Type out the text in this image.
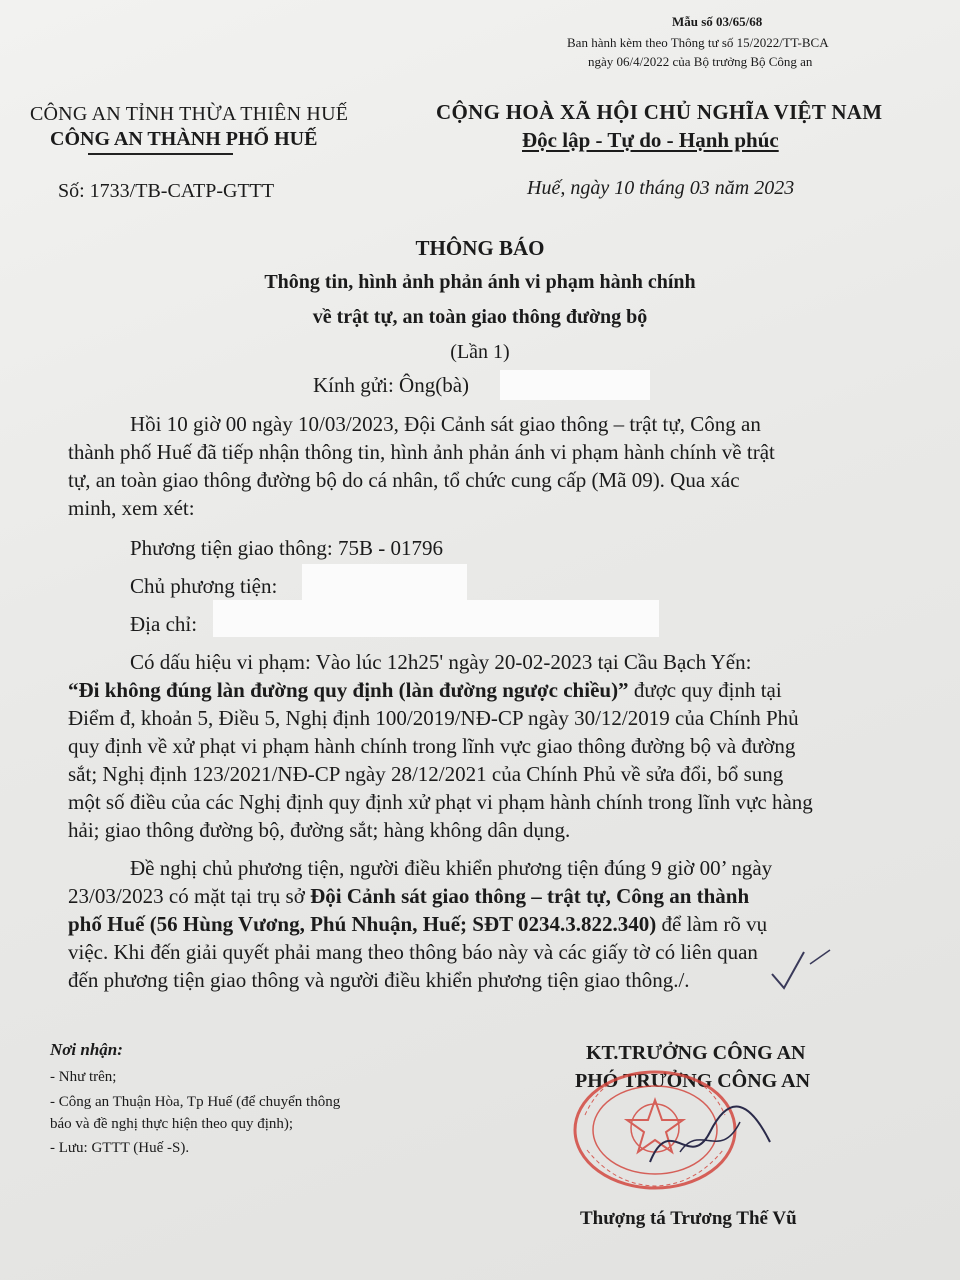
Mẫu số 03/65/68
Ban hành kèm theo Thông tư số 15/2022/TT-BCA
ngày 06/4/2022 của Bộ trưởng Bộ Công an
CÔNG AN TỈNH THỪA THIÊN HUẾ
CÔNG AN THÀNH PHỐ HUẾ
CỘNG HOÀ XÃ HỘI CHỦ NGHĨA VIỆT NAM
Độc lập - Tự do - Hạnh phúc
Số: 1733/TB-CATP-GTTT	Huế, ngày 10 tháng 03 năm 2023
THÔNG BÁO
Thông tin, hình ảnh phản ánh vi phạm hành chính
về trật tự, an toàn giao thông đường bộ
(Lần 1)
Kính gửi: Ông(bà)
Hồi 10 giờ 00 ngày 10/03/2023, Đội Cảnh sát giao thông – trật tự, Công an
thành phố Huế đã tiếp nhận thông tin, hình ảnh phản ánh vi phạm hành chính về trật
tự, an toàn giao thông đường bộ do cá nhân, tổ chức cung cấp (Mã 09). Qua xác
minh, xem xét:
Phương tiện giao thông: 75B - 01796
Chủ phương tiện:
Địa chỉ:
Có dấu hiệu vi phạm: Vào lúc 12h25' ngày 20-02-2023 tại Cầu Bạch Yến:
“Đi không đúng làn đường quy định (làn đường ngược chiều)” được quy định tại
Điểm đ, khoản 5, Điều 5, Nghị định 100/2019/NĐ-CP ngày 30/12/2019 của Chính Phủ
quy định về xử phạt vi phạm hành chính trong lĩnh vực giao thông đường bộ và đường
sắt; Nghị định 123/2021/NĐ-CP ngày 28/12/2021 của Chính Phủ về sửa đổi, bổ sung
một số điều của các Nghị định quy định xử phạt vi phạm hành chính trong lĩnh vực hàng
hải; giao thông đường bộ, đường sắt; hàng không dân dụng.
Đề nghị chủ phương tiện, người điều khiển phương tiện đúng 9 giờ 00’ ngày
23/03/2023 có mặt tại trụ sở Đội Cảnh sát giao thông – trật tự, Công an thành
phố Huế (56 Hùng Vương, Phú Nhuận, Huế; SĐT 0234.3.822.340) để làm rõ vụ
việc. Khi đến giải quyết phải mang theo thông báo này và các giấy tờ có liên quan
đến phương tiện giao thông và người điều khiển phương tiện giao thông./.
Nơi nhận:
- Như trên;
- Công an Thuận Hòa, Tp Huế (để chuyển thông
báo và đề nghị thực hiện theo quy định);
- Lưu: GTTT (Huế -S).
KT.TRƯỞNG CÔNG AN
PHÓ TRƯỞNG CÔNG AN
Thượng tá Trương Thế Vũ
